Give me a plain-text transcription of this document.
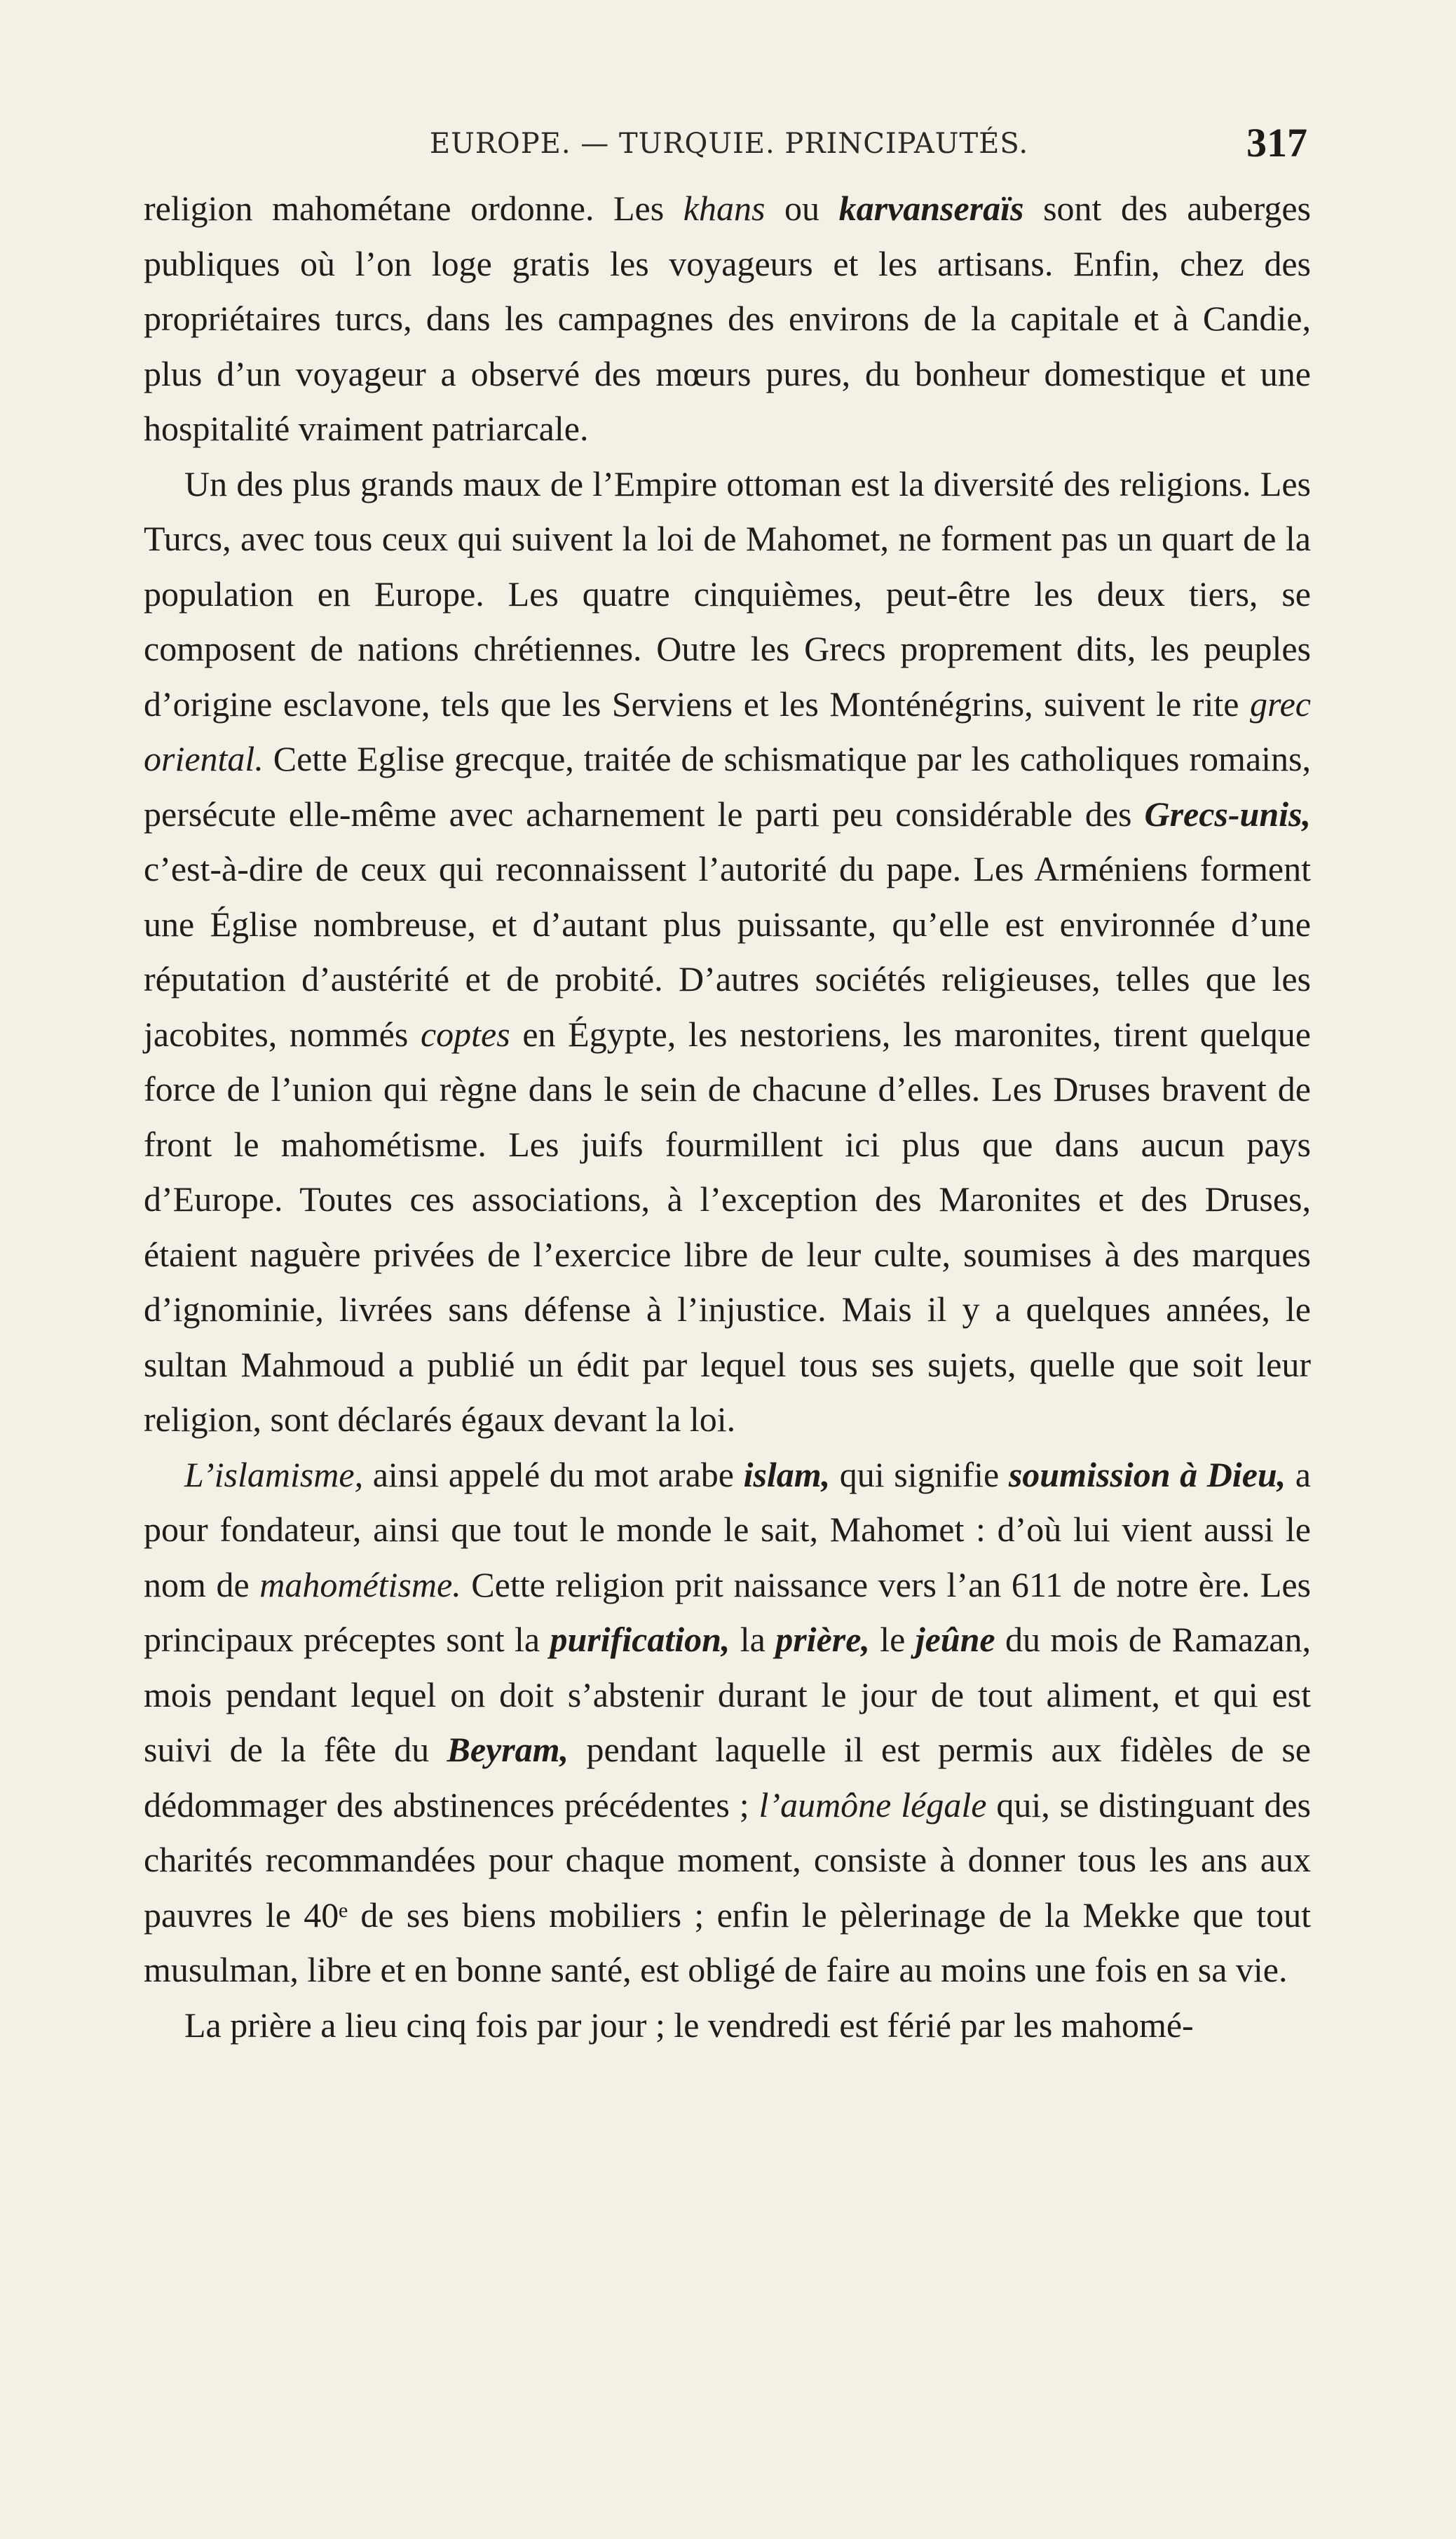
EUROPE. — TURQUIE. PRINCIPAUTÉS.	317

religion mahométane ordonne. Les khans ou karvanseraïs sont des auberges publiques où l’on loge gratis les voyageurs et les artisans. Enfin, chez des propriétaires turcs, dans les campagnes des environs de la capitale et à Candie, plus d’un voyageur a observé des mœurs pures, du bonheur domestique et une hospitalité vraiment patriarcale.

Un des plus grands maux de l’Empire ottoman est la diversité des religions. Les Turcs, avec tous ceux qui suivent la loi de Mahomet, ne forment pas un quart de la population en Europe. Les quatre cinquièmes, peut-être les deux tiers, se composent de nations chrétiennes. Outre les Grecs proprement dits, les peuples d’origine esclavone, tels que les Serviens et les Monténégrins, suivent le rite grec oriental. Cette Eglise grecque, traitée de schismatique par les catholiques romains, persécute elle-même avec acharnement le parti peu considérable des Grecs-unis, c’est-à-dire de ceux qui reconnaissent l’autorité du pape. Les Arméniens forment une Église nombreuse, et d’autant plus puissante, qu’elle est environnée d’une réputation d’austérité et de probité. D’autres sociétés religieuses, telles que les jacobites, nommés coptes en Égypte, les nestoriens, les maronites, tirent quelque force de l’union qui règne dans le sein de chacune d’elles. Les Druses bravent de front le mahométisme. Les juifs fourmillent ici plus que dans aucun pays d’Europe. Toutes ces associations, à l’exception des Maronites et des Druses, étaient naguère privées de l’exercice libre de leur culte, soumises à des marques d’ignominie, livrées sans défense à l’injustice. Mais il y a quelques années, le sultan Mahmoud a publié un édit par lequel tous ses sujets, quelle que soit leur religion, sont déclarés égaux devant la loi.

L’islamisme, ainsi appelé du mot arabe islam, qui signifie soumission à Dieu, a pour fondateur, ainsi que tout le monde le sait, Mahomet : d’où lui vient aussi le nom de mahométisme. Cette religion prit naissance vers l’an 611 de notre ère. Les principaux préceptes sont la purification, la prière, le jeûne du mois de Ramazan, mois pendant lequel on doit s’abstenir durant le jour de tout aliment, et qui est suivi de la fête du Beyram, pendant laquelle il est permis aux fidèles de se dédommager des abstinences précédentes ; l’aumône légale qui, se distinguant des charités recommandées pour chaque moment, consiste à donner tous les ans aux pauvres le 40ᵉ de ses biens mobiliers ; enfin le pèlerinage de la Mekke que tout musulman, libre et en bonne santé, est obligé de faire au moins une fois en sa vie.

La prière a lieu cinq fois par jour ; le vendredi est férié par les mahomé-
